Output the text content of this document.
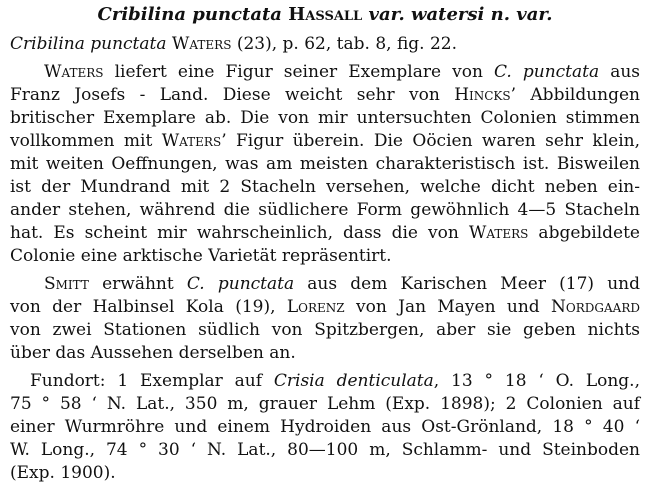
Cribilina punctata Hassall var. watersi n. var.
Cribilina punctata Waters (23), p. 62, tab. 8, fig. 22.
Waters liefert eine Figur seiner Exemplare von C. punctata aus
Franz Josefs - Land. Diese weicht sehr von Hincks’ Abbildungen
britischer Exemplare ab. Die von mir untersuchten Colonien stimmen
vollkommen mit Waters’ Figur überein. Die Oöcien waren sehr klein,
mit weiten Oeffnungen, was am meisten charakteristisch ist. Bisweilen
ist der Mundrand mit 2 Stacheln versehen, welche dicht neben ein-
ander stehen, während die südlichere Form gewöhnlich 4—5 Stacheln
hat. Es scheint mir wahrscheinlich, dass die von Waters abgebildete
Colonie eine arktische Varietät repräsentirt.
Smitt erwähnt C. punctata aus dem Karischen Meer (17) und
von der Halbinsel Kola (19), Lorenz von Jan Mayen und Nordgaard
von zwei Stationen südlich von Spitzbergen, aber sie geben nichts
über das Aussehen derselben an.
Fundort: 1 Exemplar auf Crisia denticulata, 13 ° 18 ‘ O. Long.,
75 ° 58 ‘ N. Lat., 350 m, grauer Lehm (Exp. 1898); 2 Colonien auf
einer Wurmröhre und einem Hydroiden aus Ost-Grönland, 18 ° 40 ‘
W. Long., 74 ° 30 ‘ N. Lat., 80—100 m, Schlamm- und Steinboden
(Exp. 1900).
